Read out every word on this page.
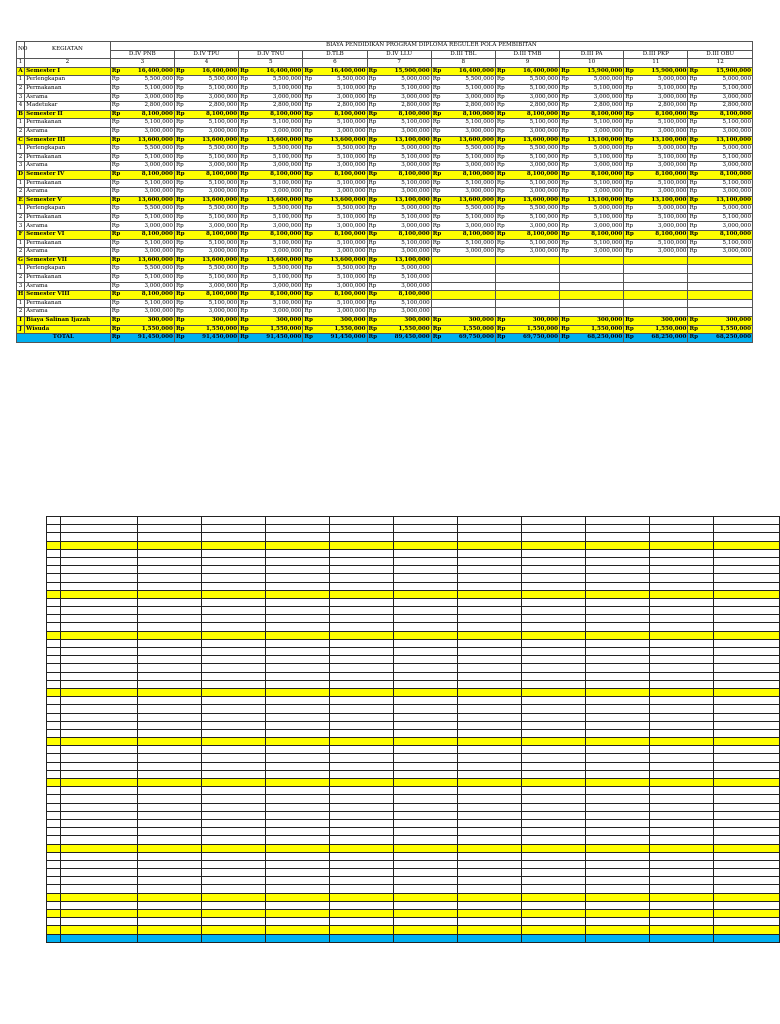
NO	KEGIATAN	BIAYA PENDIDIKAN PROGRAM DIPLOMA REGULER POLA PEMBIBITAN																			
		D.IV PNB		D.IV TPU		D.IV TNU		D.TLB		D.IV LLU		D.III TBL		D.III TMB		D.III PA		D.III PKP		D.III OBU	
1	2	3		4		5		6		7		8		9		10		11		12	
A	Semester I	Rp	16,400,000	Rp	16,400,000	Rp	16,400,000	Rp	16,400,000	Rp	15,900,000	Rp	16,400,000	Rp	16,400,000	Rp	15,900,000	Rp	15,900,000	Rp	15,900,000
1	Perlengkapan	Rp	5,500,000	Rp	5,500,000	Rp	5,500,000	Rp	5,500,000	Rp	5,000,000	Rp	5,500,000	Rp	5,500,000	Rp	5,000,000	Rp	5,000,000	Rp	5,000,000
2	Permakanan	Rp	5,100,000	Rp	5,100,000	Rp	5,100,000	Rp	5,100,000	Rp	5,100,000	Rp	5,100,000	Rp	5,100,000	Rp	5,100,000	Rp	5,100,000	Rp	5,100,000
3	Asrama	Rp	3,000,000	Rp	3,000,000	Rp	3,000,000	Rp	3,000,000	Rp	3,000,000	Rp	3,000,000	Rp	3,000,000	Rp	3,000,000	Rp	3,000,000	Rp	3,000,000
4	Madetukar	Rp	2,800,000	Rp	2,800,000	Rp	2,800,000	Rp	2,800,000	Rp	2,800,000	Rp	2,800,000	Rp	2,800,000	Rp	2,800,000	Rp	2,800,000	Rp	2,800,000
B	Semester II	Rp	8,100,000	Rp	8,100,000	Rp	8,100,000	Rp	8,100,000	Rp	8,100,000	Rp	8,100,000	Rp	8,100,000	Rp	8,100,000	Rp	8,100,000	Rp	8,100,000
1	Permakanan	Rp	5,100,000	Rp	5,100,000	Rp	5,100,000	Rp	5,100,000	Rp	5,100,000	Rp	5,100,000	Rp	5,100,000	Rp	5,100,000	Rp	5,100,000	Rp	5,100,000
2	Asrama	Rp	3,000,000	Rp	3,000,000	Rp	3,000,000	Rp	3,000,000	Rp	3,000,000	Rp	3,000,000	Rp	3,000,000	Rp	3,000,000	Rp	3,000,000	Rp	3,000,000
C	Semester III	Rp	13,600,000	Rp	13,600,000	Rp	13,600,000	Rp	13,600,000	Rp	13,100,000	Rp	13,600,000	Rp	13,600,000	Rp	13,100,000	Rp	13,100,000	Rp	13,100,000
1	Perlengkapan	Rp	5,500,000	Rp	5,500,000	Rp	5,500,000	Rp	5,500,000	Rp	5,000,000	Rp	5,500,000	Rp	5,500,000	Rp	5,000,000	Rp	5,000,000	Rp	5,000,000
2	Permakanan	Rp	5,100,000	Rp	5,100,000	Rp	5,100,000	Rp	5,100,000	Rp	5,100,000	Rp	5,100,000	Rp	5,100,000	Rp	5,100,000	Rp	5,100,000	Rp	5,100,000
3	Asrama	Rp	3,000,000	Rp	3,000,000	Rp	3,000,000	Rp	3,000,000	Rp	3,000,000	Rp	3,000,000	Rp	3,000,000	Rp	3,000,000	Rp	3,000,000	Rp	3,000,000
D	Semester IV	Rp	8,100,000	Rp	8,100,000	Rp	8,100,000	Rp	8,100,000	Rp	8,100,000	Rp	8,100,000	Rp	8,100,000	Rp	8,100,000	Rp	8,100,000	Rp	8,100,000
1	Permakanan	Rp	5,100,000	Rp	5,100,000	Rp	5,100,000	Rp	5,100,000	Rp	5,100,000	Rp	5,100,000	Rp	5,100,000	Rp	5,100,000	Rp	5,100,000	Rp	5,100,000
2	Asrama	Rp	3,000,000	Rp	3,000,000	Rp	3,000,000	Rp	3,000,000	Rp	3,000,000	Rp	3,000,000	Rp	3,000,000	Rp	3,000,000	Rp	3,000,000	Rp	3,000,000
E	Semester V	Rp	13,600,000	Rp	13,600,000	Rp	13,600,000	Rp	13,600,000	Rp	13,100,000	Rp	13,600,000	Rp	13,600,000	Rp	13,100,000	Rp	13,100,000	Rp	13,100,000
1	Perlengkapan	Rp	5,500,000	Rp	5,500,000	Rp	5,500,000	Rp	5,500,000	Rp	5,000,000	Rp	5,500,000	Rp	5,500,000	Rp	5,000,000	Rp	5,000,000	Rp	5,000,000
2	Permakanan	Rp	5,100,000	Rp	5,100,000	Rp	5,100,000	Rp	5,100,000	Rp	5,100,000	Rp	5,100,000	Rp	5,100,000	Rp	5,100,000	Rp	5,100,000	Rp	5,100,000
3	Asrama	Rp	3,000,000	Rp	3,000,000	Rp	3,000,000	Rp	3,000,000	Rp	3,000,000	Rp	3,000,000	Rp	3,000,000	Rp	3,000,000	Rp	3,000,000	Rp	3,000,000
F	Semester VI	Rp	8,100,000	Rp	8,100,000	Rp	8,100,000	Rp	8,100,000	Rp	8,100,000	Rp	8,100,000	Rp	8,100,000	Rp	8,100,000	Rp	8,100,000	Rp	8,100,000
1	Permakanan	Rp	5,100,000	Rp	5,100,000	Rp	5,100,000	Rp	5,100,000	Rp	5,100,000	Rp	5,100,000	Rp	5,100,000	Rp	5,100,000	Rp	5,100,000	Rp	5,100,000
2	Asrama	Rp	3,000,000	Rp	3,000,000	Rp	3,000,000	Rp	3,000,000	Rp	3,000,000	Rp	3,000,000	Rp	3,000,000	Rp	3,000,000	Rp	3,000,000	Rp	3,000,000
G	Semester VII	Rp	13,600,000	Rp	13,600,000	Rp	13,600,000	Rp	13,600,000	Rp	13,100,000										
1	Perlengkapan	Rp	5,500,000	Rp	5,500,000	Rp	5,500,000	Rp	5,500,000	Rp	5,000,000										
2	Permakanan	Rp	5,100,000	Rp	5,100,000	Rp	5,100,000	Rp	5,100,000	Rp	5,100,000										
3	Asrama	Rp	3,000,000	Rp	3,000,000	Rp	3,000,000	Rp	3,000,000	Rp	3,000,000										
H	Semester VIII	Rp	8,100,000	Rp	8,100,000	Rp	8,100,000	Rp	8,100,000	Rp	8,100,000										
1	Permakanan	Rp	5,100,000	Rp	5,100,000	Rp	5,100,000	Rp	5,100,000	Rp	5,100,000										
2	Asrama	Rp	3,000,000	Rp	3,000,000	Rp	3,000,000	Rp	3,000,000	Rp	3,000,000										
I	Biaya Salinan Ijazah	Rp	300,000	Rp	300,000	Rp	300,000	Rp	300,000	Rp	300,000	Rp	300,000	Rp	300,000	Rp	300,000	Rp	300,000	Rp	300,000
J	Wisuda	Rp	1,550,000	Rp	1,550,000	Rp	1,550,000	Rp	1,550,000	Rp	1,550,000	Rp	1,550,000	Rp	1,550,000	Rp	1,550,000	Rp	1,550,000	Rp	1,550,000
TOTAL		Rp	91,450,000	Rp	91,450,000	Rp	91,450,000	Rp	91,450,000	Rp	89,450,000	Rp	69,750,000	Rp	69,750,000	Rp	68,250,000	Rp	68,250,000	Rp	68,250,000
